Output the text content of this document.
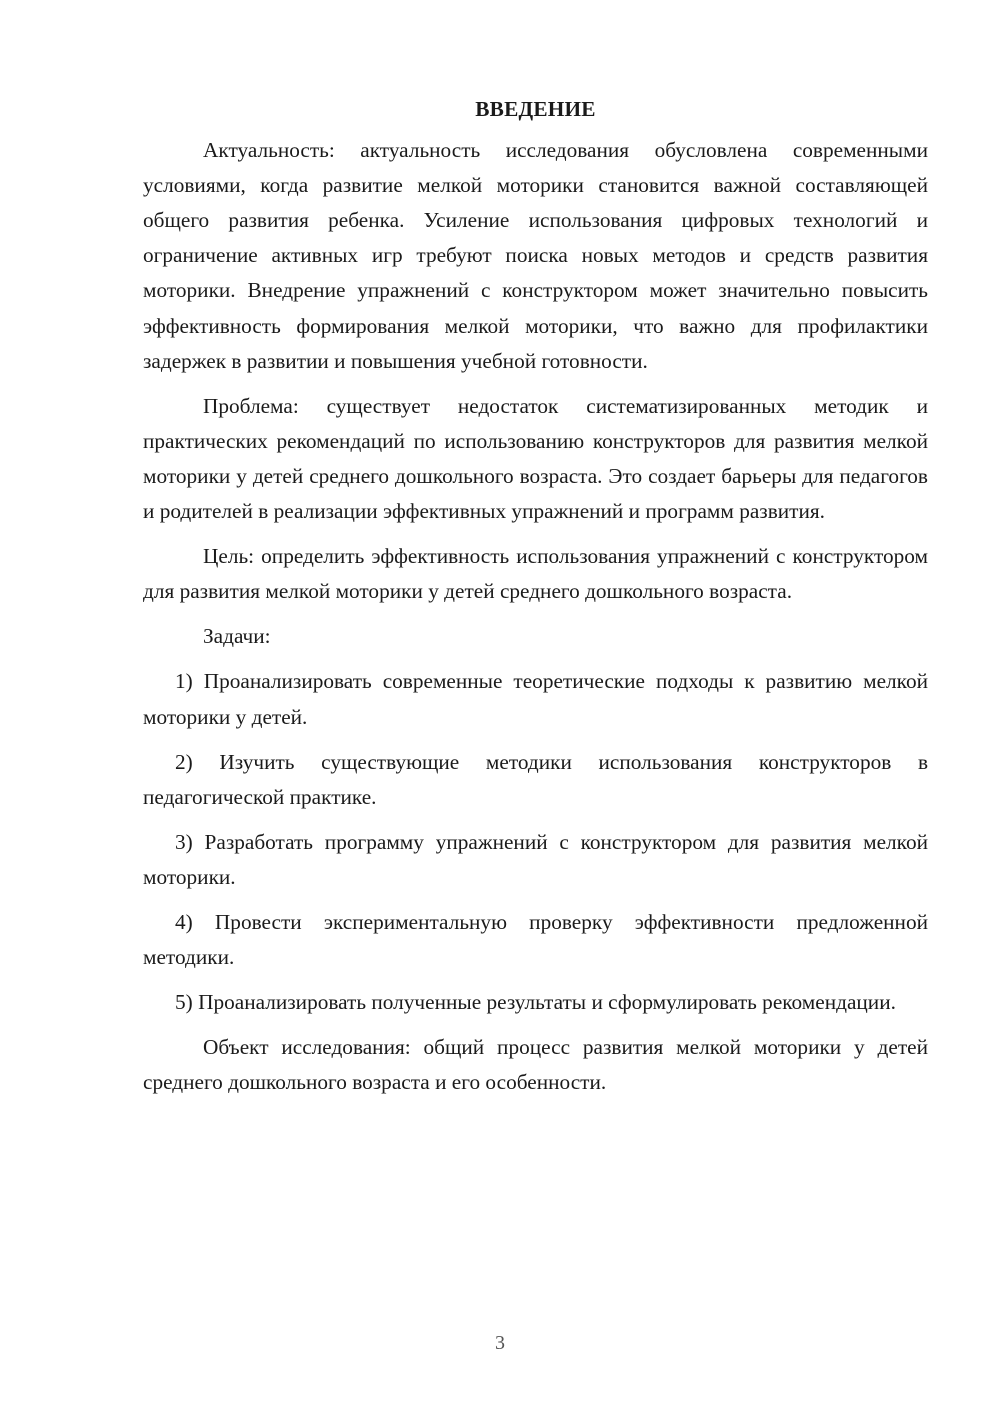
ВВЕДЕНИЕ

Актуальность: актуальность исследования обусловлена современными условиями, когда развитие мелкой моторики становится важной составляющей общего развития ребенка. Усиление использования цифровых технологий и ограничение активных игр требуют поиска новых методов и средств развития моторики. Внедрение упражнений с конструктором может значительно повысить эффективность формирования мелкой моторики, что важно для профилактики задержек в развитии и повышения учебной готовности.

Проблема: существует недостаток систематизированных методик и практических рекомендаций по использованию конструкторов для развития мелкой моторики у детей среднего дошкольного возраста. Это создает барьеры для педагогов и родителей в реализации эффективных упражнений и программ развития.

Цель: определить эффективность использования упражнений с конструктором для развития мелкой моторики у детей среднего дошкольного возраста.

Задачи:

1) Проанализировать современные теоретические подходы к развитию мелкой моторики у детей.

2) Изучить существующие методики использования конструкторов в педагогической практике.

3) Разработать программу упражнений с конструктором для развития мелкой моторики.

4) Провести экспериментальную проверку эффективности предложенной методики.

5) Проанализировать полученные результаты и сформулировать рекомендации.

Объект исследования: общий процесс развития мелкой моторики у детей среднего дошкольного возраста и его особенности.

3
